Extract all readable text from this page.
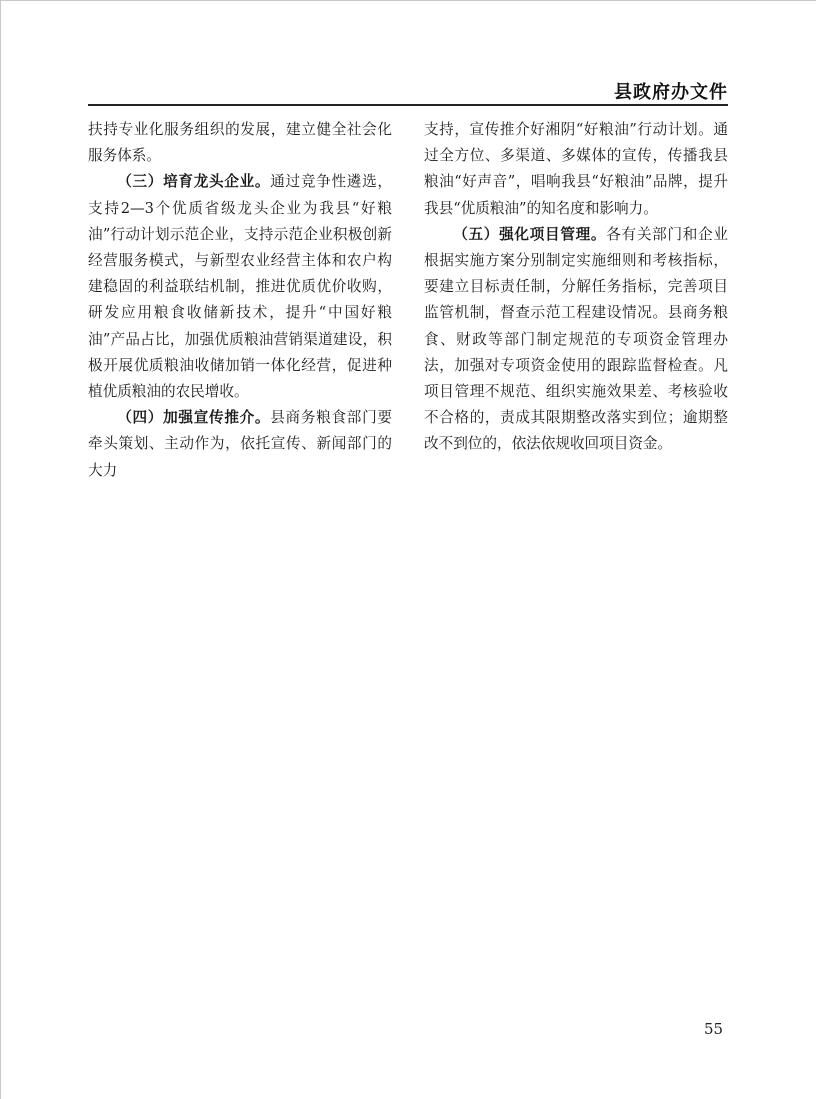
县政府办文件

扶持专业化服务组织的发展，建立健全社会化服务体系。

（三）培育龙头企业。通过竞争性遴选，支持2—3个优质省级龙头企业为我县“好粮油”行动计划示范企业，支持示范企业积极创新经营服务模式，与新型农业经营主体和农户构建稳固的利益联结机制，推进优质优价收购，研发应用粮食收储新技术，提升“中国好粮油”产品占比，加强优质粮油营销渠道建设，积极开展优质粮油收储加销一体化经营，促进种植优质粮油的农民增收。

（四）加强宣传推介。县商务粮食部门要牵头策划、主动作为，依托宣传、新闻部门的大力

支持，宣传推介好湘阴“好粮油”行动计划。通过全方位、多渠道、多媒体的宣传，传播我县粮油“好声音”，唱响我县“好粮油”品牌，提升我县“优质粮油”的知名度和影响力。

（五）强化项目管理。各有关部门和企业根据实施方案分别制定实施细则和考核指标，要建立目标责任制，分解任务指标，完善项目监管机制，督查示范工程建设情况。县商务粮食、财政等部门制定规范的专项资金管理办法，加强对专项资金使用的跟踪监督检查。凡项目管理不规范、组织实施效果差、考核验收不合格的，责成其限期整改落实到位；逾期整改不到位的，依法依规收回项目资金。

55
